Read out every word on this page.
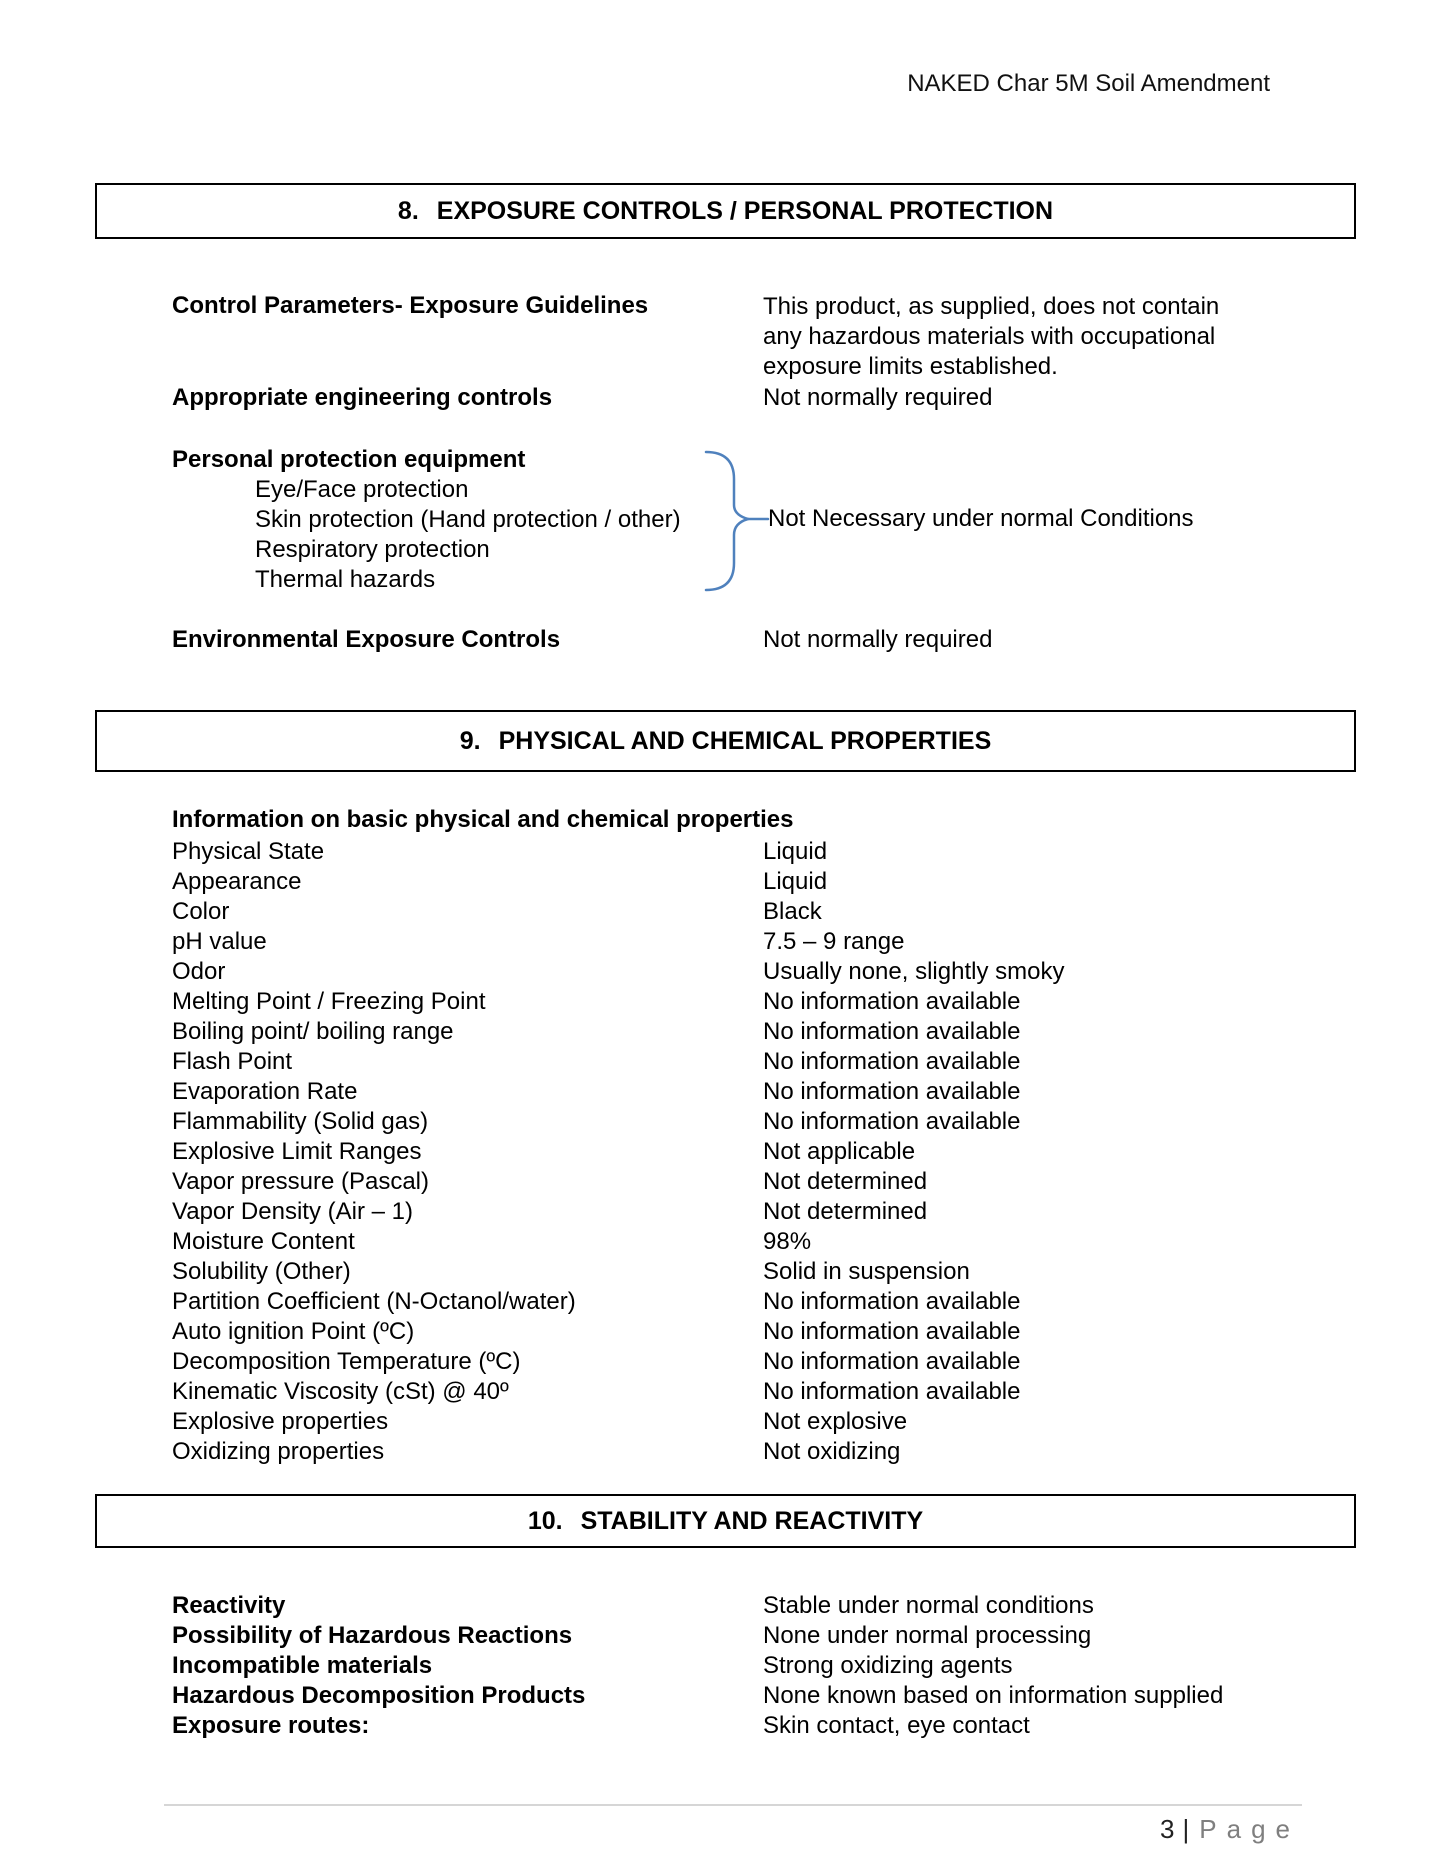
NAKED Char 5M Soil Amendment
8. EXPOSURE CONTROLS / PERSONAL PROTECTION
Control Parameters- Exposure Guidelines	This product, as supplied, does not contain any hazardous materials with occupational exposure limits established.
Appropriate engineering controls	Not normally required
Personal protection equipment
Eye/Face protection
Skin protection (Hand protection / other)
Respiratory protection
Thermal hazards
Not Necessary under normal Conditions
Environmental Exposure Controls	Not normally required
9. PHYSICAL AND CHEMICAL PROPERTIES
Information on basic physical and chemical properties
Physical State	Liquid
Appearance	Liquid
Color	Black
pH value	7.5 – 9 range
Odor	Usually none, slightly smoky
Melting Point / Freezing Point	No information available
Boiling point/ boiling range	No information available
Flash Point	No information available
Evaporation Rate	No information available
Flammability (Solid gas)	No information available
Explosive Limit Ranges	Not applicable
Vapor pressure (Pascal)	Not determined
Vapor Density (Air – 1)	Not determined
Moisture Content	98%
Solubility (Other)	Solid in suspension
Partition Coefficient (N-Octanol/water)	No information available
Auto ignition Point (ºC)	No information available
Decomposition Temperature (ºC)	No information available
Kinematic Viscosity (cSt) @ 40º	No information available
Explosive properties	Not explosive
Oxidizing properties	Not oxidizing
10. STABILITY AND REACTIVITY
Reactivity	Stable under normal conditions
Possibility of Hazardous Reactions	None under normal processing
Incompatible materials	Strong oxidizing agents
Hazardous Decomposition Products	None known based on information supplied
Exposure routes:	Skin contact, eye contact
3 | Page
